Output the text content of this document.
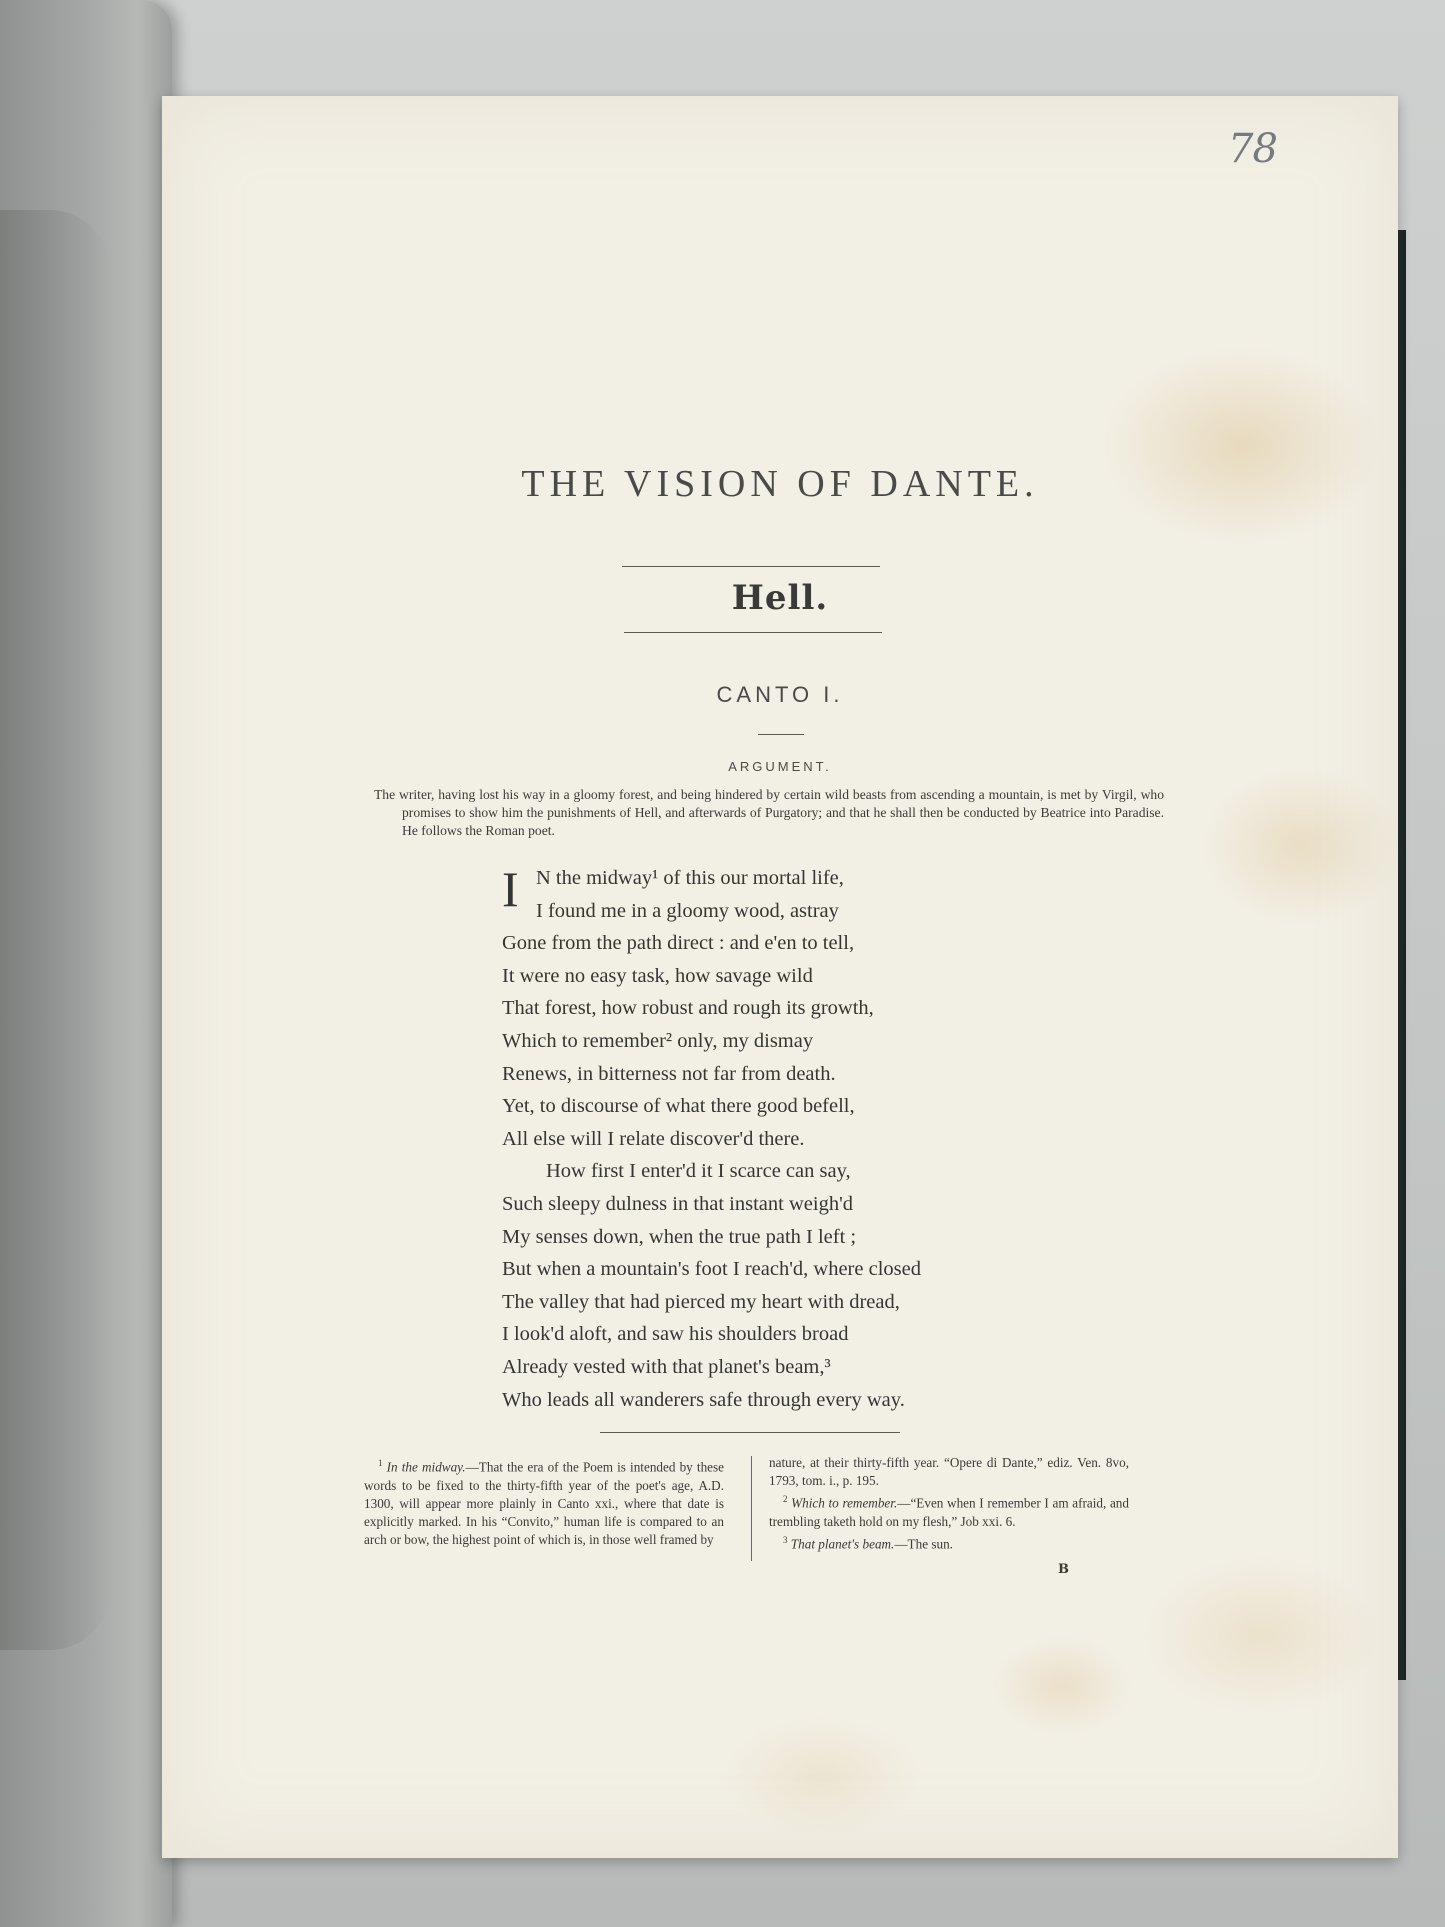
78
THE VISION OF DANTE.
Hell.
CANTO I.
ARGUMENT.
The writer, having lost his way in a gloomy forest, and being hindered by certain wild beasts from ascending a mountain, is met by Virgil, who promises to show him the punishments of Hell, and afterwards of Purgatory; and that he shall then be conducted by Beatrice into Paradise. He follows the Roman poet.
I N the midway¹ of this our mortal life,
I found me in a gloomy wood, astray
Gone from the path direct : and e'en to tell,
It were no easy task, how savage wild
That forest, how robust and rough its growth,
Which to remember² only, my dismay
Renews, in bitterness not far from death.
Yet, to discourse of what there good befell,
All else will I relate discover'd there.
How first I enter'd it I scarce can say,
Such sleepy dulness in that instant weigh'd
My senses down, when the true path I left ;
But when a mountain's foot I reach'd, where closed
The valley that had pierced my heart with dread,
I look'd aloft, and saw his shoulders broad
Already vested with that planet's beam,³
Who leads all wanderers safe through every way.

$^1$ In the midway.—That the era of the Poem is intended by these words to be fixed to the thirty-fifth year of the poet's age, A.D. 1300, will appear more plainly in Canto xxi., where that date is explicitly marked. In his “Convito,” human life is compared to an arch or bow, the highest point of which is, in those well framed by

nature, at their thirty-fifth year. “Opere di Dante,” ediz. Ven. 8vo, 1793, tom. i., p. 195.

$^2$ Which to remember.—“Even when I remember I am afraid, and trembling taketh hold on my flesh,” Job xxi. 6.

$^3$ That planet's beam.—The sun.

B
